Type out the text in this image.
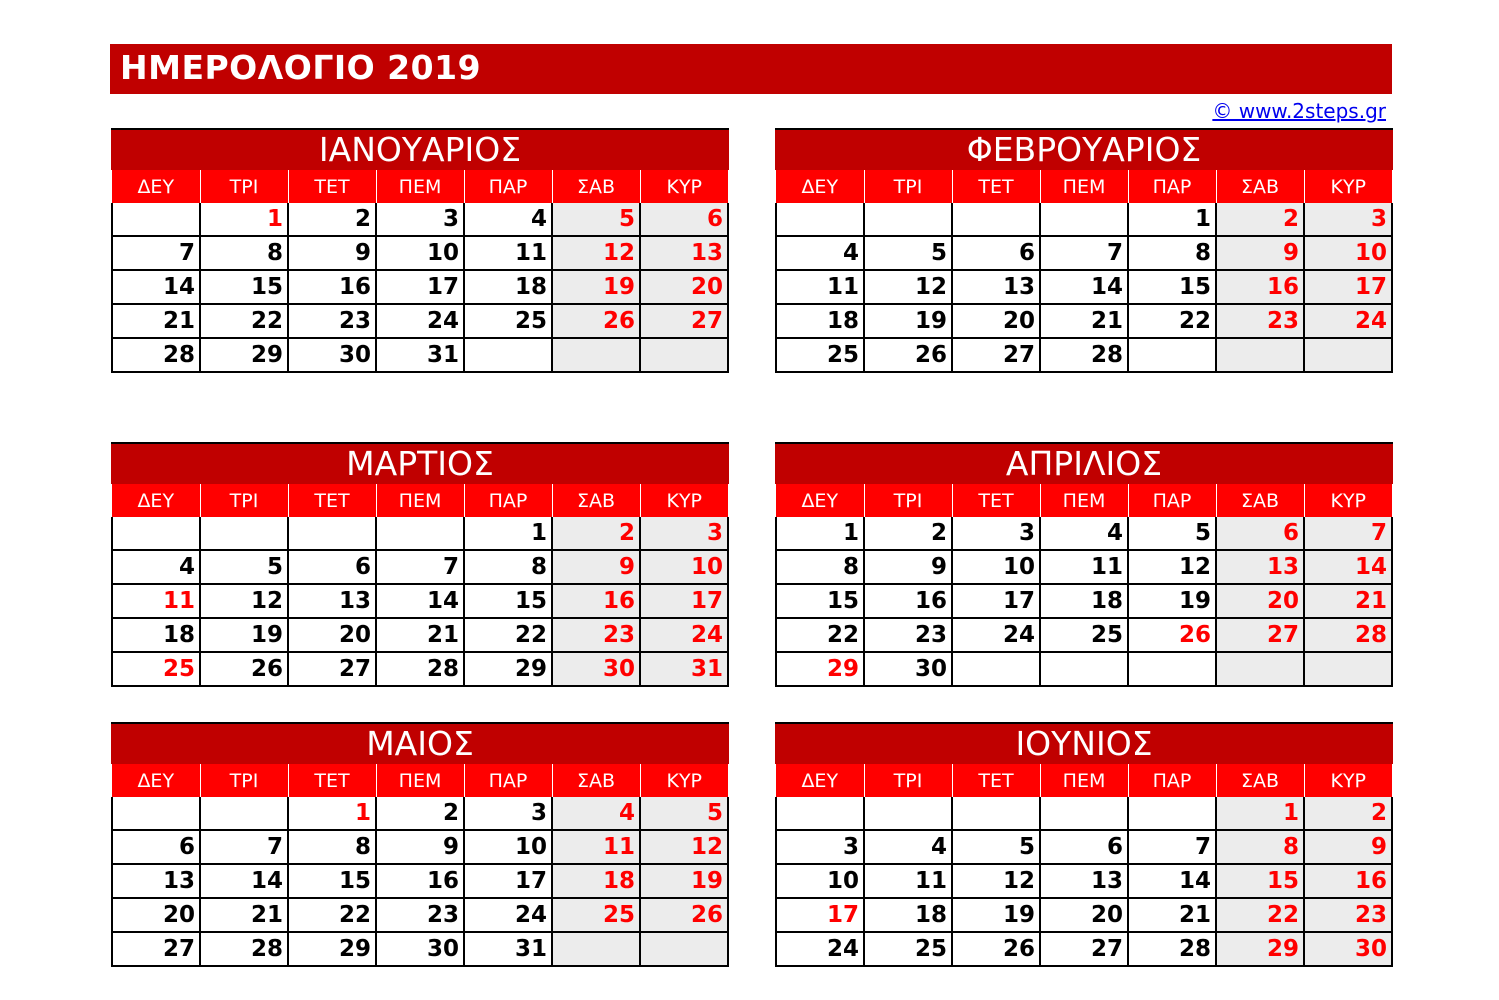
ΗΜΕΡΟΛΟΓΙΟ 2019
© www.2steps.gr
ΙΑΝΟΥΑΡΙΟΣ
ΔΕΥ	ΤΡΙ	ΤΕΤ	ΠΕΜ	ΠΑΡ	ΣΑΒ	ΚΥΡ
	1	2	3	4	5	6
7	8	9	10	11	12	13
14	15	16	17	18	19	20
21	22	23	24	25	26	27
28	29	30	31			
ΦΕΒΡΟΥΑΡΙΟΣ
ΔΕΥ	ΤΡΙ	ΤΕΤ	ΠΕΜ	ΠΑΡ	ΣΑΒ	ΚΥΡ
				1	2	3
4	5	6	7	8	9	10
11	12	13	14	15	16	17
18	19	20	21	22	23	24
25	26	27	28			
ΜΑΡΤΙΟΣ
ΔΕΥ	ΤΡΙ	ΤΕΤ	ΠΕΜ	ΠΑΡ	ΣΑΒ	ΚΥΡ
				1	2	3
4	5	6	7	8	9	10
11	12	13	14	15	16	17
18	19	20	21	22	23	24
25	26	27	28	29	30	31
ΑΠΡΙΛΙΟΣ
ΔΕΥ	ΤΡΙ	ΤΕΤ	ΠΕΜ	ΠΑΡ	ΣΑΒ	ΚΥΡ
1	2	3	4	5	6	7
8	9	10	11	12	13	14
15	16	17	18	19	20	21
22	23	24	25	26	27	28
29	30					
ΜΑΙΟΣ
ΔΕΥ	ΤΡΙ	ΤΕΤ	ΠΕΜ	ΠΑΡ	ΣΑΒ	ΚΥΡ
		1	2	3	4	5
6	7	8	9	10	11	12
13	14	15	16	17	18	19
20	21	22	23	24	25	26
27	28	29	30	31		
ΙΟΥΝΙΟΣ
ΔΕΥ	ΤΡΙ	ΤΕΤ	ΠΕΜ	ΠΑΡ	ΣΑΒ	ΚΥΡ
					1	2
3	4	5	6	7	8	9
10	11	12	13	14	15	16
17	18	19	20	21	22	23
24	25	26	27	28	29	30
